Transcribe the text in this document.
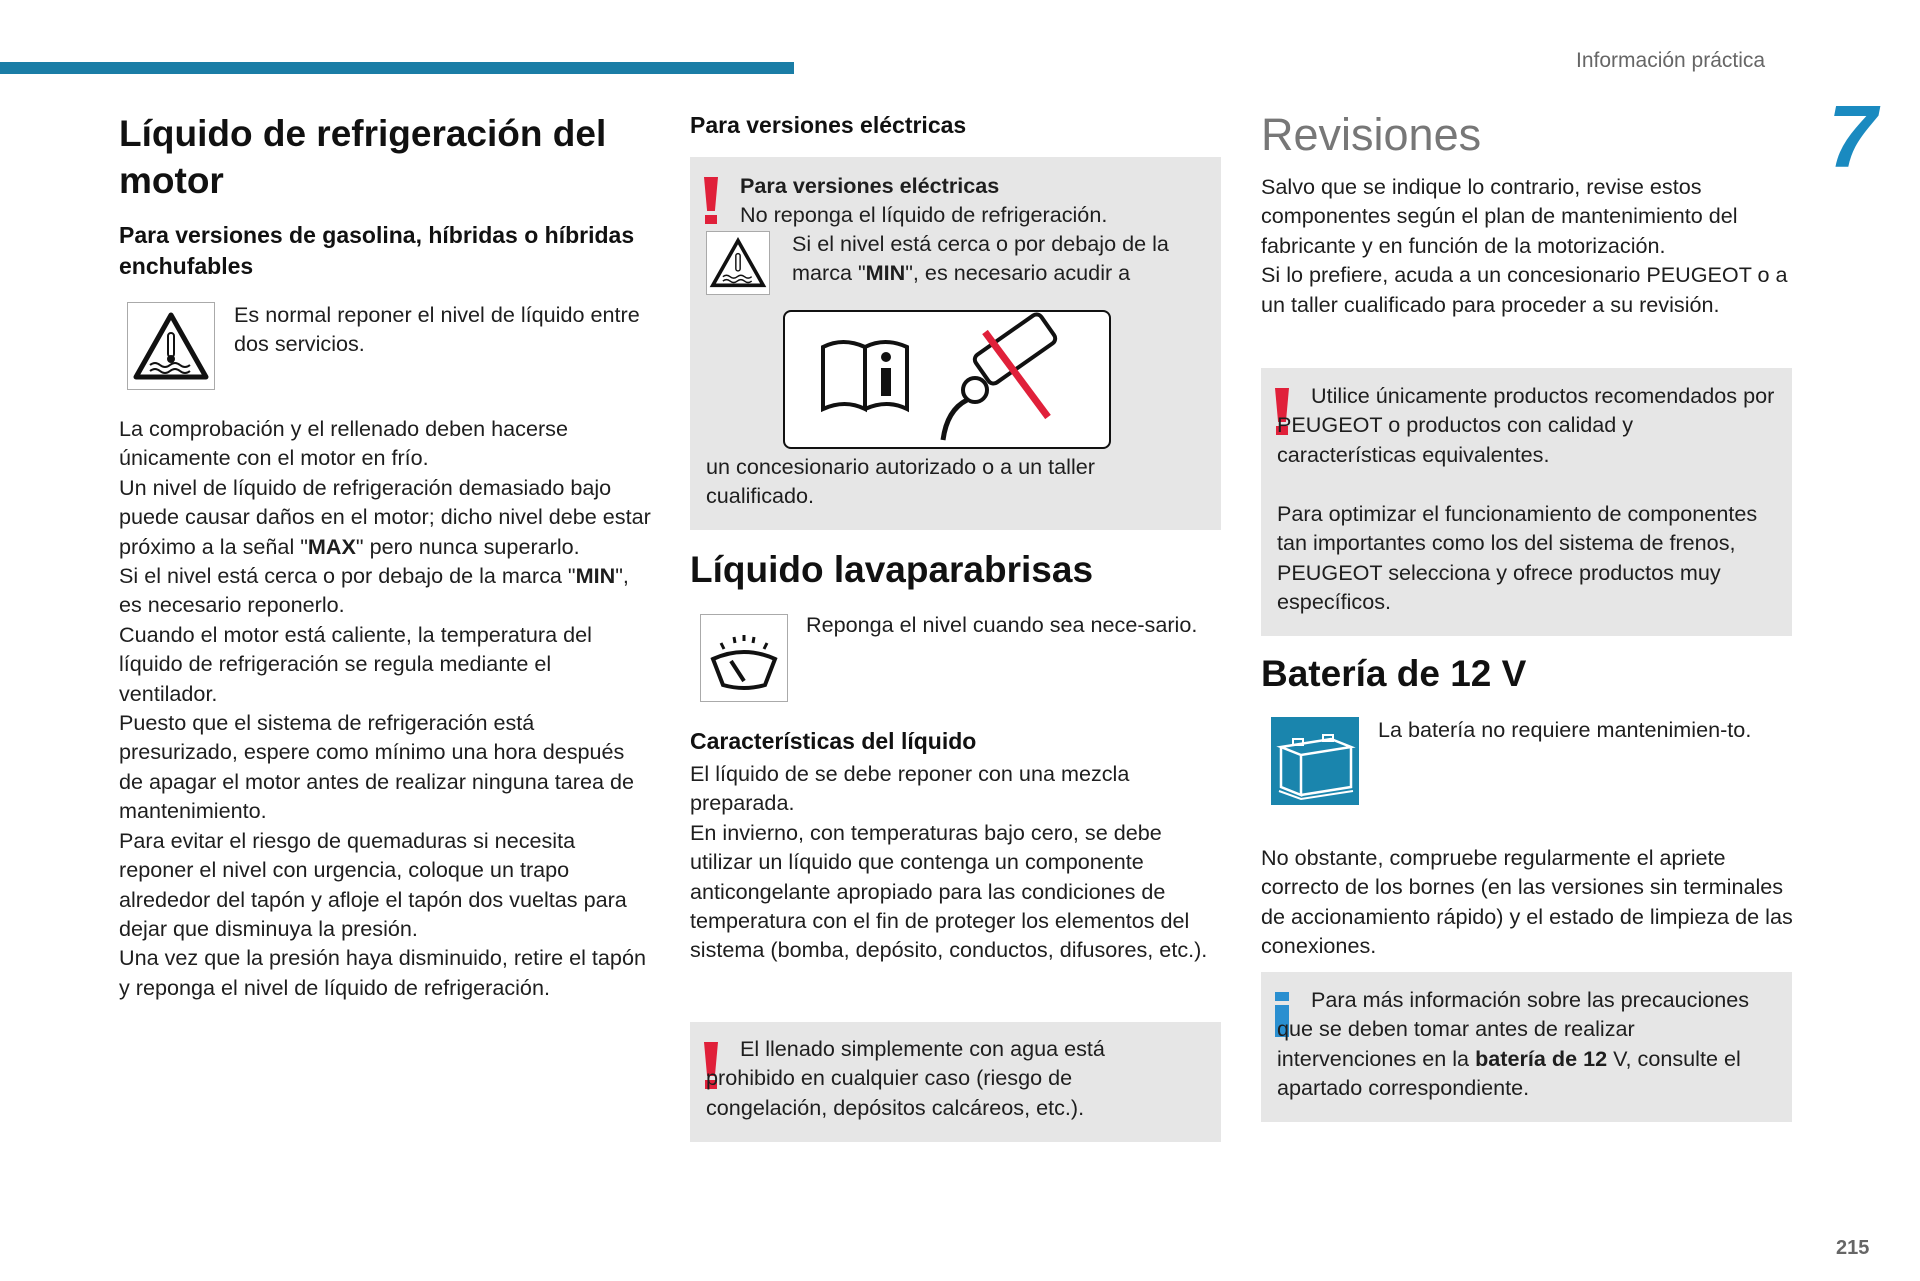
Información práctica
7
215
Líquido de refrigeración del motor
Para versiones de gasolina, híbridas o híbridas enchufables

Es normal reponer el nivel de líquido entre dos servicios.

La comprobación y el rellenado deben hacerse únicamente con el motor en frío.

Un nivel de líquido de refrigeración demasiado bajo puede causar daños en el motor; dicho nivel debe estar próximo a la señal "MAX" pero nunca superarlo.

Si el nivel está cerca o por debajo de la marca "MIN", es necesario reponerlo.

Cuando el motor está caliente, la temperatura del líquido de refrigeración se regula mediante el ventilador.

Puesto que el sistema de refrigeración está presurizado, espere como mínimo una hora después de apagar el motor antes de realizar ninguna tarea de mantenimiento.

Para evitar el riesgo de quemaduras si necesita reponer el nivel con urgencia, coloque un trapo alrededor del tapón y afloje el tapón dos vueltas para dejar que disminuya la presión.

Una vez que la presión haya disminuido, retire el tapón y reponga el nivel de líquido de refrigeración.

Para versiones eléctricas

Para versiones eléctricas

No reponga el líquido de refrigeración.

Si el nivel está cerca o por debajo de la marca "MIN", es necesario acudir a

un concesionario autorizado o a un taller cualificado.

Líquido lavaparabrisas

Reponga el nivel cuando sea nece-sario.

Características del líquido

El líquido de se debe reponer con una mezcla preparada.

En invierno, con temperaturas bajo cero, se debe utilizar un líquido que contenga un componente anticongelante apropiado para las condiciones de temperatura con el fin de proteger los elementos del sistema (bomba, depósito, conductos, difusores, etc.).

El llenado simplemente con agua está prohibido en cualquier caso (riesgo de congelación, depósitos calcáreos, etc.).

Revisiones

Salvo que se indique lo contrario, revise estos componentes según el plan de mantenimiento del fabricante y en función de la motorización.

Si lo prefiere, acuda a un concesionario PEUGEOT o a un taller cualificado para proceder a su revisión.

Utilice únicamente productos recomendados por PEUGEOT o productos con calidad y características equivalentes.

Para optimizar el funcionamiento de componentes tan importantes como los del sistema de frenos, PEUGEOT selecciona y ofrece productos muy específicos.

Batería de 12 V

La batería no requiere mantenimien-to.

No obstante, compruebe regularmente el apriete correcto de los bornes (en las versiones sin terminales de accionamiento rápido) y el estado de limpieza de las conexiones.

Para más información sobre las precauciones que se deben tomar antes de realizar intervenciones en la batería de 12 V, consulte el apartado correspondiente.
